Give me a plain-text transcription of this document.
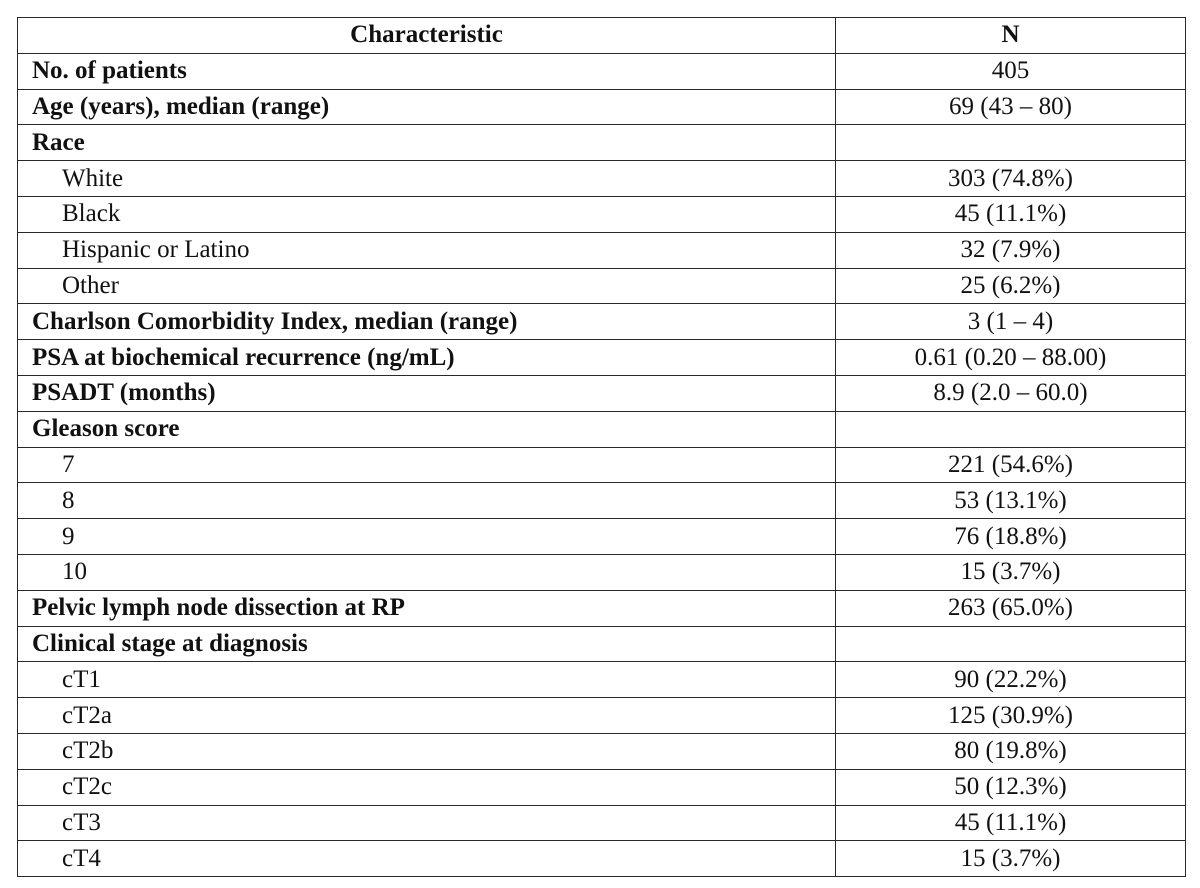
Characteristic	N
No. of patients	405
Age (years), median (range)	69 (43 – 80)
Race	
White	303 (74.8%)
Black	45 (11.1%)
Hispanic or Latino	32 (7.9%)
Other	25 (6.2%)
Charlson Comorbidity Index, median (range)	3 (1 – 4)
PSA at biochemical recurrence (ng/mL)	0.61 (0.20 – 88.00)
PSADT (months)	8.9 (2.0 – 60.0)
Gleason score	
7	221 (54.6%)
8	53 (13.1%)
9	76 (18.8%)
10	15 (3.7%)
Pelvic lymph node dissection at RP	263 (65.0%)
Clinical stage at diagnosis	
cT1	90 (22.2%)
cT2a	125 (30.9%)
cT2b	80 (19.8%)
cT2c	50 (12.3%)
cT3	45 (11.1%)
cT4	15 (3.7%)
